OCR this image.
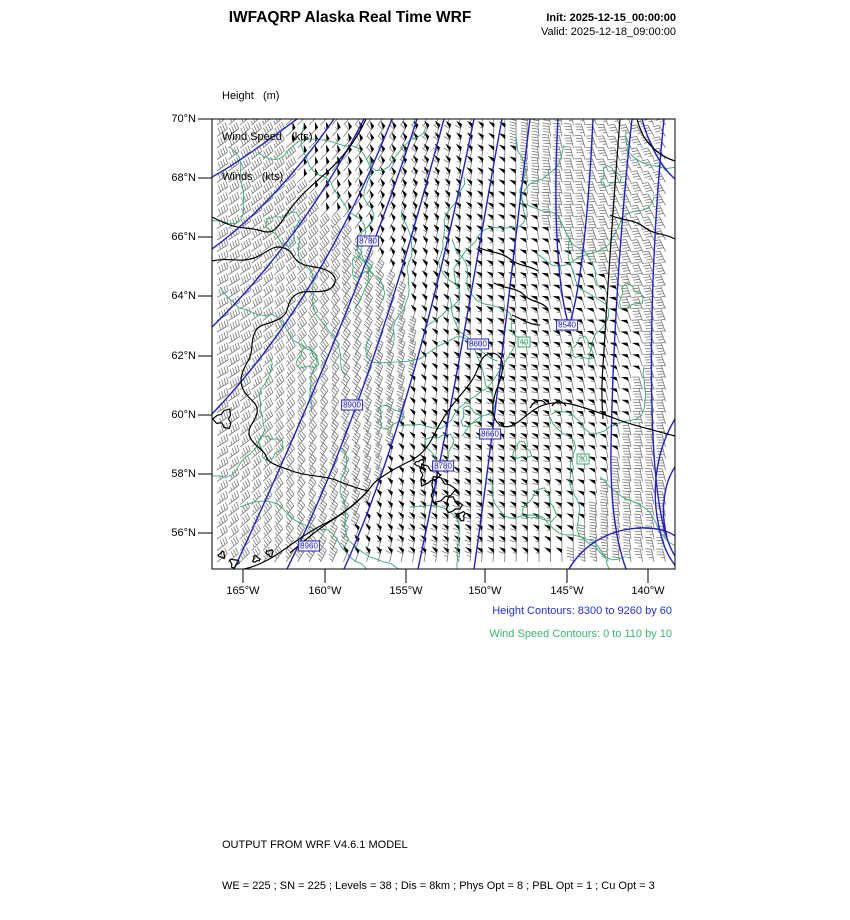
IWFAQRP Alaska Real Time WRF	Init: 2025-12-15_00:00:00
Valid: 2025-12-18_09:00:00

Height   (m)

Wind Speed   (kts)

Winds   (kts)

70°N
68°N
66°N
64°N
62°N
60°N
58°N
56°N
165°W	160°W	155°W	150°W	145°W	140°W
8780
8540
8600
8900
8660
8780
8960
40
20
Height Contours: 8300 to 9260 by 60
Wind Speed Contours: 0 to 110 by 10

OUTPUT FROM WRF V4.6.1 MODEL

WE = 225 ; SN = 225 ; Levels = 38 ; Dis = 8km ; Phys Opt = 8 ; PBL Opt = 1 ; Cu Opt = 3
